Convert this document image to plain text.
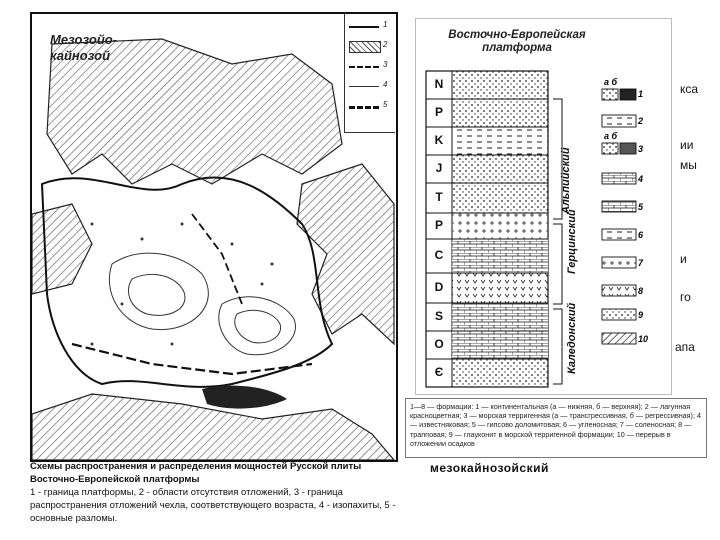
Мезозойо-кайнозой
1
2
3
4
5
Схемы распространения и распределения мощностей Русской плиты Восточно-Европейской платформы
1 - граница платформы, 2 - области отсутствия отложений, 3 - граница распространения отложений чехла, соответствующего возраста, 4 - изопахиты, 5 - основные разломы.
кса
ии
мы
и
го
апа
Восточно-Европейская платформа
N
P
K
J
T
P
C
D
S
O
Є
Альпийский
Герцинский
Каледонский
1
2
3
4
5
6
7
8
9
10
а б
а б
1—8 — формации: 1 — континентальная (а — нижняя, б — верхняя); 2 — лагунная красноцветная; 3 — морская терригенная (а — трансгрессивная, б — регрессивная); 4 — известняковая; 5 — гипсово доломитовая; 6 — угленосная; 7 — соленосная; 8 — трапповая; 9 — глауконит в морской терригенной формации; 10 — перерыв в отложении осадков
мезокайнозойский
